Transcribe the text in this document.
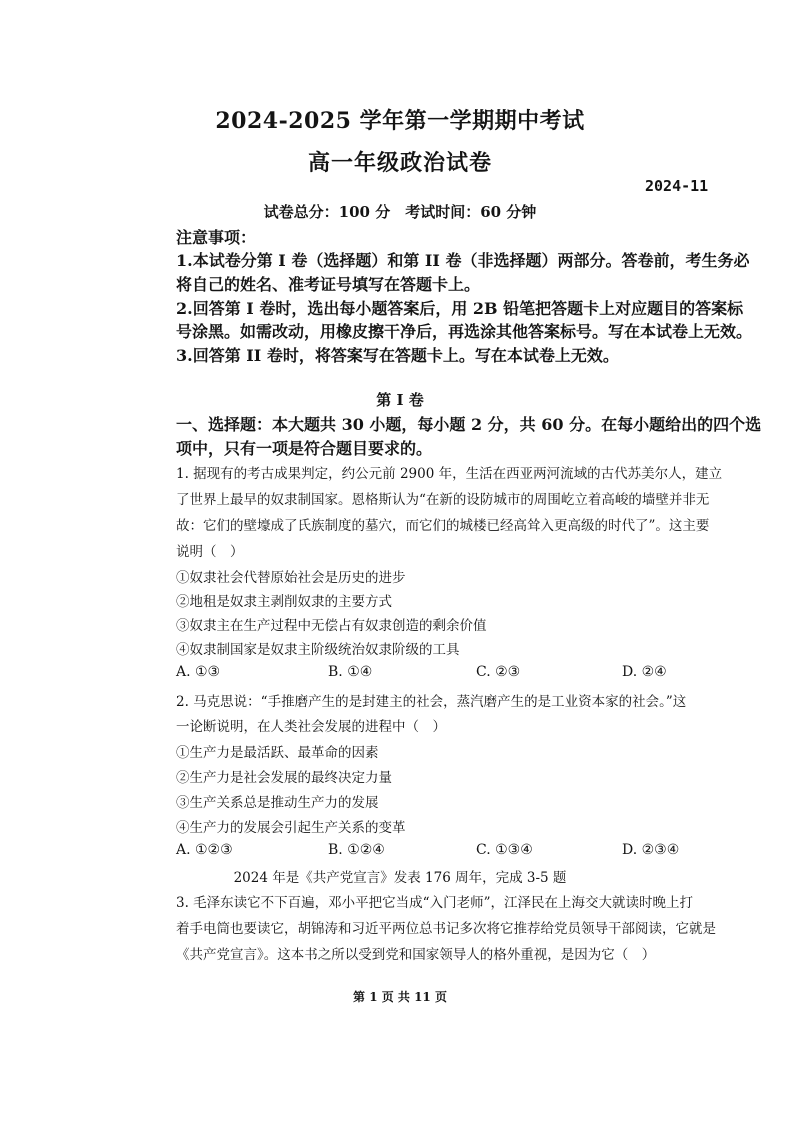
2024-2025 学年第一学期期中考试
高一年级政治试卷
2024-11
试卷总分：100 分　考试时间：60 分钟
注意事项：
1.本试卷分第 I 卷（选择题）和第 II 卷（非选择题）两部分。答卷前，考生务必
将自己的姓名、准考证号填写在答题卡上。
2.回答第 I 卷时，选出每小题答案后，用 2B 铅笔把答题卡上对应题目的答案标
号涂黑。如需改动，用橡皮擦干净后，再选涂其他答案标号。写在本试卷上无效。
3.回答第 II 卷时，将答案写在答题卡上。写在本试卷上无效。
第 I 卷
一、选择题：本大题共 30 小题，每小题 2 分，共 60 分。在每小题给出的四个选
项中，只有一项是符合题目要求的。
1. 据现有的考古成果判定，约公元前 2900 年，生活在西亚两河流域的古代苏美尔人，建立
了世界上最早的奴隶制国家。恩格斯认为“在新的设防城市的周围屹立着高峻的墙壁并非无
故：它们的壁壕成了氏族制度的墓穴，而它们的城楼已经高耸入更高级的时代了”。这主要
说明（　）
①奴隶社会代替原始社会是历史的进步
②地租是奴隶主剥削奴隶的主要方式
③奴隶主在生产过程中无偿占有奴隶创造的剩余价值
④奴隶制国家是奴隶主阶级统治奴隶阶级的工具
A. ①③	B. ①④	C. ②③	D. ②④
2. 马克思说：“手推磨产生的是封建主的社会，蒸汽磨产生的是工业资本家的社会。”这
一论断说明，在人类社会发展的进程中（　）
①生产力是最活跃、最革命的因素
②生产力是社会发展的最终决定力量
③生产关系总是推动生产力的发展
④生产力的发展会引起生产关系的变革
A. ①②③	B. ①②④	C. ①③④	D. ②③④
2024 年是《共产党宣言》发表 176 周年，完成 3-5 题
3. 毛泽东读它不下百遍，邓小平把它当成“入门老师”，江泽民在上海交大就读时晚上打
着手电筒也要读它，胡锦涛和习近平两位总书记多次将它推荐给党员领导干部阅读，它就是
《共产党宣言》。这本书之所以受到党和国家领导人的格外重视，是因为它（　）
第 1 页 共 11 页
